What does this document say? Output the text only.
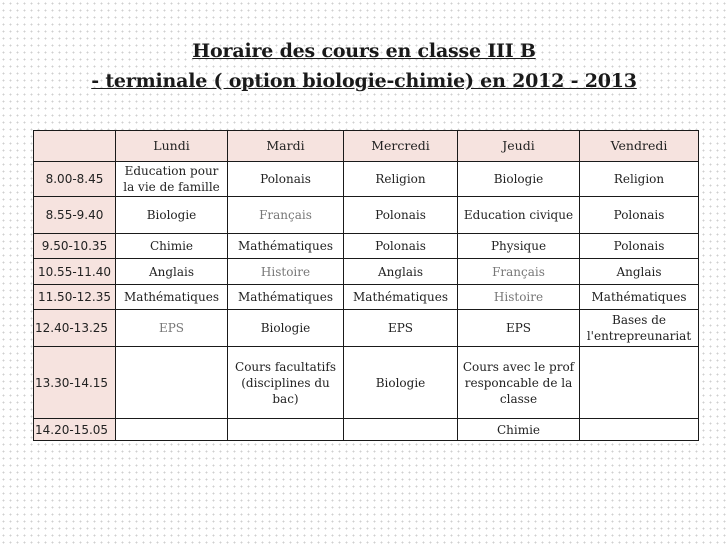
Horaire des cours en classe III B
- terminale ( option biologie-chimie) en 2012 - 2013
	Lundi	Mardi	Mercredi	Jeudi	Vendredi
8.00-8.45	Education pour la vie de famille	Polonais	Religion	Biologie	Religion
8.55-9.40	Biologie	Français	Polonais	Education civique	Polonais
9.50-10.35	Chimie	Mathématiques	Polonais	Physique	Polonais
10.55-11.40	Anglais	Histoire	Anglais	Français	Anglais
11.50-12.35	Mathématiques	Mathématiques	Mathématiques	Histoire	Mathématiques
12.40-13.25	EPS	Biologie	EPS	EPS	Bases de l'entrepreunariat
13.30-14.15		Cours facultatifs (disciplines du bac)	Biologie	Cours avec le prof responcable de la classe	
14.20-15.05				Chimie	
